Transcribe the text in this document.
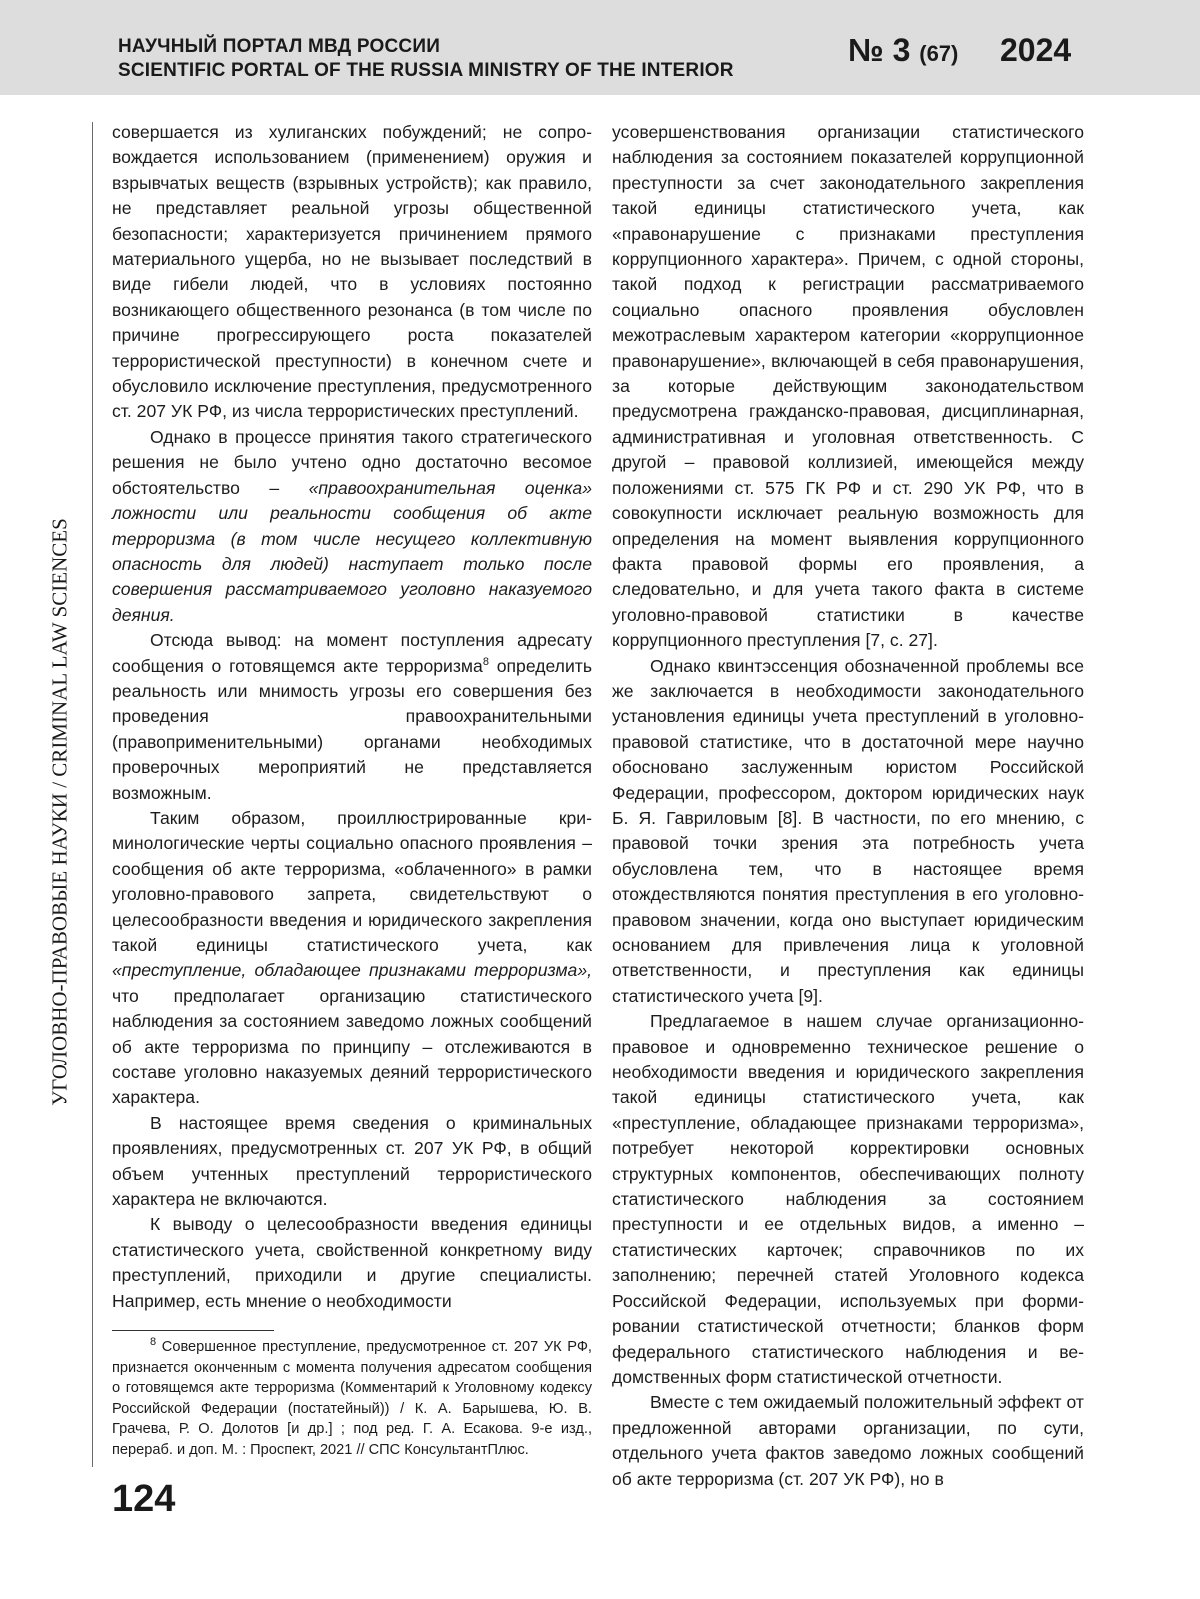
НАУЧНЫЙ ПОРТАЛ МВД РОССИИ
SCIENTIFIC PORTAL OF THE RUSSIA MINISTRY OF THE INTERIOR
№ 3 (67) 2024
УГОЛОВНО-ПРАВОВЫЕ НАУКИ / CRIMINAL LAW SCIENCES

совершается из хулиганских побуждений; не сопровождается использованием (применением) оружия и взрывчатых веществ (взрывных устройств); как правило, не представляет реальной угрозы общественной безопасности; характеризуется причинением прямого материального ущерба, но не вызывает последствий в виде гибели людей, что в условиях постоянно возникающего общественного резонанса (в том числе по причине прогрессирующего роста показателей террористической преступности) в конечном счете и обусловило исключение преступления, предусмотренного ст. 207 УК РФ, из числа террористических преступлений.

Однако в процессе принятия такого стратегического решения не было учтено одно достаточно весомое обстоятельство – «правоохранительная оценка» ложности или реальности сообщения об акте терроризма (в том числе несущего коллективную опасность для людей) наступает только после совершения рассматриваемого уголовно наказуемого деяния.

Отсюда вывод: на момент поступления адресату сообщения о готовящемся акте терроризма$^8$ определить реальность или мнимость угрозы его совершения без проведения правоохранительными (правоприменительными) органами необходимых проверочных мероприятий не представляется возможным.

Таким образом, проиллюстрированные криминологические черты социально опасного проявления – сообщения об акте терроризма, «облаченного» в рамки уголовно-правового запрета, свидетельствуют о целесообразности введения и юридического закрепления такой единицы статистического учета, как «преступление, обладающее признаками терроризма», что предполагает организацию статистического наблюдения за состоянием заведомо ложных сообщений об акте терроризма по принципу – отслеживаются в составе уголовно наказуемых деяний террористического характера.

В настоящее время сведения о криминальных проявлениях, предусмотренных ст. 207 УК РФ, в общий объем учтенных преступлений террористического характера не включаются.

К выводу о целесообразности введения единицы статистического учета, свойственной конкретному виду преступлений, приходили и другие специалисты. Например, есть мнение о необходимости

$^8$ Совершенное преступление, предусмотренное ст. 207 УК РФ, признается оконченным с момента получения адресатом сообщения о готовящемся акте терроризма (Комментарий к Уголовному кодексу Российской Федерации (постатейный)) / К. А. Барышева, Ю. В. Грачева, Р. О. Долотов [и др.] ; под ред. Г. А. Есакова. 9-е изд., перераб. и доп. М. : Проспект, 2021 // СПС КонсультантПлюс.

усовершенствования организации статистического наблюдения за состоянием показателей коррупционной преступности за счет законодательного закрепления такой единицы статистического учета, как «правонарушение с признаками преступления коррупционного характера». Причем, с одной стороны, такой подход к регистрации рассматриваемого социально опасного проявления обусловлен межотраслевым характером категории «коррупционное правонарушение», включающей в себя правонарушения, за которые действующим законодательством предусмотрена гражданско-правовая, дисциплинарная, административная и уголовная ответственность. С другой – правовой коллизией, имеющейся между положениями ст. 575 ГК РФ и ст. 290 УК РФ, что в совокупности исключает реальную возможность для определения на момент выявления коррупционного факта правовой формы его проявления, а следовательно, и для учета такого факта в системе уголовно-правовой статистики в качестве коррупционного преступления [7, с. 27].

Однако квинтэссенция обозначенной проблемы все же заключается в необходимости законодательного установления единицы учета преступлений в уголовно-правовой статистике, что в достаточной мере научно обосновано заслуженным юристом Российской Федерации, профессором, доктором юридических наук Б. Я. Гавриловым [8]. В частности, по его мнению, с правовой точки зрения эта потребность учета обусловлена тем, что в настоящее время отождествляются понятия преступления в его уголовно-правовом значении, когда оно выступает юридическим основанием для привлечения лица к уголовной ответственности, и преступления как единицы статистического учета [9].

Предлагаемое в нашем случае организационно-правовое и одновременно техническое решение о необходимости введения и юридического закрепления такой единицы статистического учета, как «преступление, обладающее признаками терроризма», потребует некоторой корректировки основных структурных компонентов, обеспечивающих полноту статистического наблюдения за состоянием преступности и ее отдельных видов, а именно – статистических карточек; справочников по их заполнению; перечней статей Уголовного кодекса Российской Федерации, используемых при формировании статистической отчетности; бланков форм федерального статистического наблюдения и ведомственных форм статистической отчетности.

Вместе с тем ожидаемый положительный эффект от предложенной авторами организации, по сути, отдельного учета фактов заведомо ложных сообщений об акте терроризма (ст. 207 УК РФ), но в

124
